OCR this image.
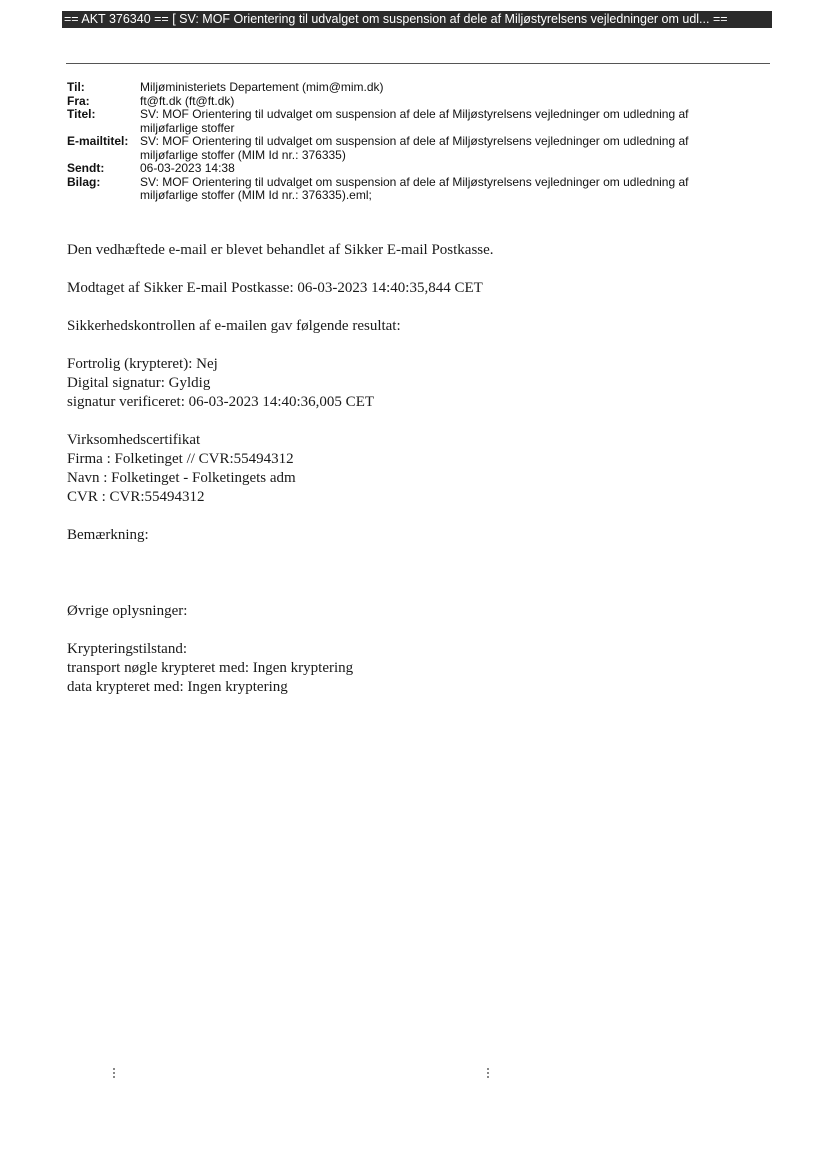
== AKT 376340 == [ SV: MOF Orientering til udvalget om suspension af dele af Miljøstyrelsens vejledninger om udl... ==
Til:	Miljøministeriets Departement (mim@mim.dk)
Fra:	ft@ft.dk (ft@ft.dk)
Titel:	SV: MOF Orientering til udvalget om suspension af dele af Miljøstyrelsens vejledninger om udledning af
miljøfarlige stoffer
E-mailtitel: SV: MOF Orientering til udvalget om suspension af dele af Miljøstyrelsens vejledninger om udledning af
miljøfarlige stoffer (MIM Id nr.: 376335)
Sendt:	06-03-2023 14:38
Bilag:	SV: MOF Orientering til udvalget om suspension af dele af Miljøstyrelsens vejledninger om udledning af
miljøfarlige stoffer (MIM Id nr.: 376335).eml;
Den vedhæftede e-mail er blevet behandlet af Sikker E-mail Postkasse.
Modtaget af Sikker E-mail Postkasse: 06-03-2023 14:40:35,844 CET
Sikkerhedskontrollen af e-mailen gav følgende resultat:
Fortrolig (krypteret): Nej
Digital signatur: Gyldig
signatur verificeret: 06-03-2023 14:40:36,005 CET
Virksomhedscertifikat
Firma : Folketinget // CVR:55494312
Navn : Folketinget - Folketingets adm
CVR : CVR:55494312
Bemærkning:
Øvrige oplysninger:
Krypteringstilstand:
transport nøgle krypteret med: Ingen kryptering
data krypteret med: Ingen kryptering
